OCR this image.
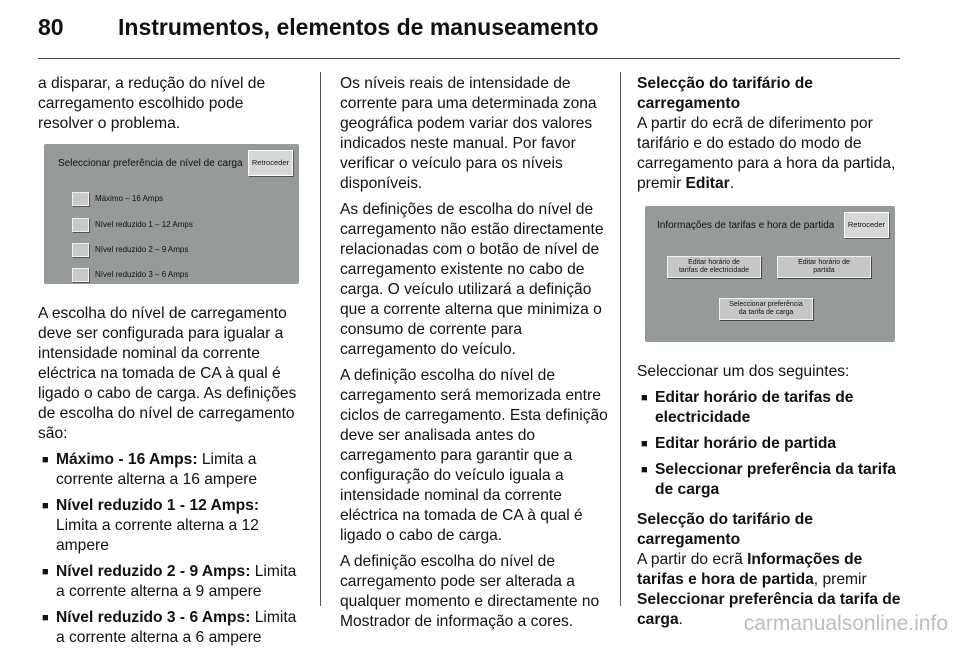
80 Instrumentos, elementos de manuseamento

a disparar, a redução do nível de carregamento escolhido pode resolver o problema.

Seleccionar preferência de nível de carga	Retroceder
Máximo – 16 Amps
Nível reduzido 1 – 12 Amps
Nível reduzido 2 – 9 Amps
Nível reduzido 3 – 6 Amps

A escolha do nível de carregamento deve ser configurada para igualar a intensidade nominal da corrente eléctrica na tomada de CA à qual é ligado o cabo de carga. As definições de escolha do nível de carregamento são:

■ Máximo - 16 Amps: Limita a corrente alterna a 16 ampere
■ Nível reduzido 1 - 12 Amps: Limita a corrente alterna a 12 ampere
■ Nível reduzido 2 - 9 Amps: Limita a corrente alterna a 9 ampere
■ Nível reduzido 3 - 6 Amps: Limita a corrente alterna a 6 ampere

Os níveis reais de intensidade de corrente para uma determinada zona geográfica podem variar dos valores indicados neste manual. Por favor verificar o veículo para os níveis disponíveis.

As definições de escolha do nível de carregamento não estão directamente relacionadas com o botão de nível de carregamento existente no cabo de carga. O veículo utilizará a definição que a corrente alterna que minimiza o consumo de corrente para carregamento do veículo.

A definição escolha do nível de carregamento será memorizada entre ciclos de carregamento. Esta definição deve ser analisada antes do carregamento para garantir que a configuração do veículo iguala a intensidade nominal da corrente eléctrica na tomada de CA à qual é ligado o cabo de carga.

A definição escolha do nível de carregamento pode ser alterada a qualquer momento e directamente no Mostrador de informação a cores.

Selecção do tarifário de carregamento

A partir do ecrã de diferimento por tarifário e do estado do modo de carregamento para a hora da partida, premir Editar.

Informações de tarifas e hora de partida	Retroceder
Editar horário de
tarifas de electricidade
Editar horário de
partida
Seleccionar preferência
da tarifa de carga

Seleccionar um dos seguintes:

■ Editar horário de tarifas de electricidade
■ Editar horário de partida
■ Seleccionar preferência da tarifa de carga
Selecção do tarifário de carregamento

A partir do ecrã Informações de tarifas e hora de partida, premir Seleccionar preferência da tarifa de carga.	carmanualsonline.info
